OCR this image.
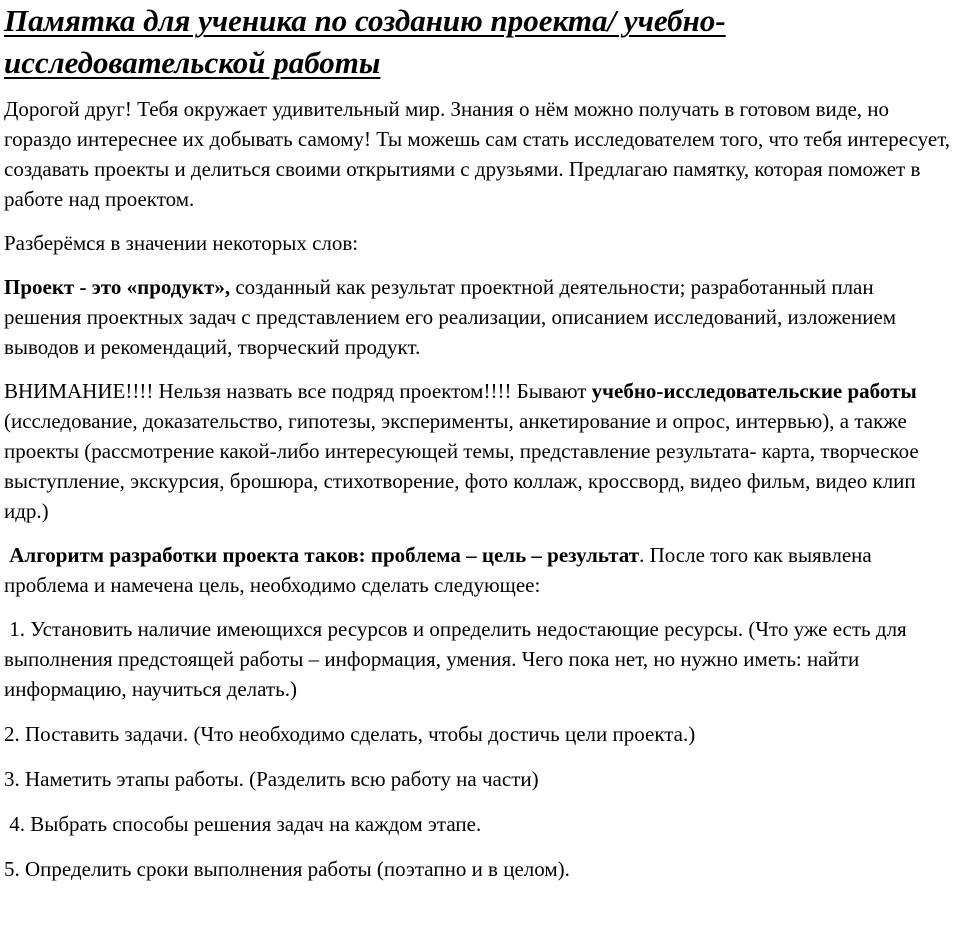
Памятка для ученика по созданию проекта/ учебно-исследовательской работы

Дорогой друг! Тебя окружает удивительный мир. Знания о нём можно получать в готовом виде, но гораздо интереснее их добывать самому! Ты можешь сам стать исследователем того, что тебя интересует, создавать проекты и делиться своими открытиями с друзьями. Предлагаю памятку, которая поможет в работе над проектом.

Разберёмся в значении некоторых слов:

Проект - это «продукт», созданный как результат проектной деятельности; разработанный план решения проектных задач с представлением его реализации, описанием исследований, изложением выводов и рекомендаций, творческий продукт.

ВНИМАНИЕ!!!! Нельзя назвать все подряд проектом!!!! Бывают учебно-исследовательские работы (исследование, доказательство, гипотезы, эксперименты, анкетирование и опрос, интервью), а также проекты (рассмотрение какой-либо интересующей темы, представление результата- карта, творческое выступление, экскурсия, брошюра, стихотворение, фото коллаж, кроссворд, видео фильм, видео клип идр.)

Алгоритм разработки проекта таков: проблема – цель – результат. После того как выявлена проблема и намечена цель, необходимо сделать следующее:

1. Установить наличие имеющихся ресурсов и определить недостающие ресурсы. (Что уже есть для выполнения предстоящей работы – информация, умения. Чего пока нет, но нужно иметь: найти информацию, научиться делать.)

2. Поставить задачи. (Что необходимо сделать, чтобы достичь цели проекта.)

3. Наметить этапы работы. (Разделить всю работу на части)

4. Выбрать способы решения задач на каждом этапе.

5. Определить сроки выполнения работы (поэтапно и в целом).
